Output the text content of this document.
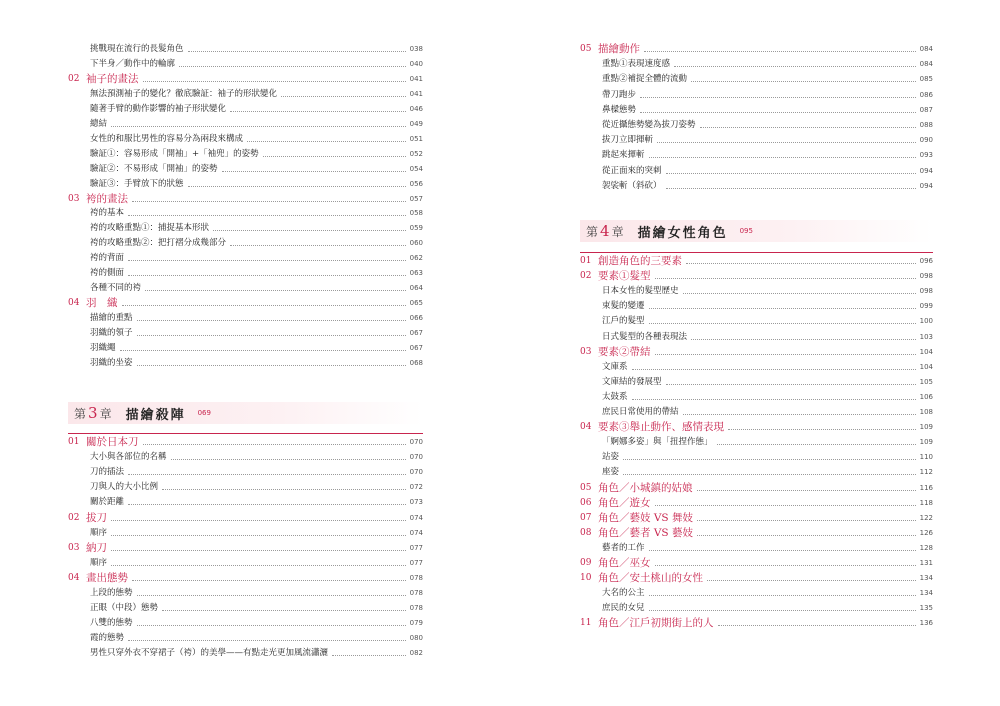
挑戰現在流行的長髮角色	038
下半身／動作中的輪廓	040
02 袖子的畫法	041
無法預測袖子的變化？徹底驗証：袖子的形狀變化	041
隨著手臂的動作影響的袖子形狀變化	046
總結	049
女性的和服比男性的容易分為兩段來構成	051
驗証①：容易形成「開袖」+「袖兜」的姿勢	052
驗証②：不易形成「開袖」的姿勢	054
驗証③：手臂放下的狀態	056
03 袴的畫法	057
袴的基本	058
袴的攻略重點①：捕捉基本形狀	059
袴的攻略重點②：把打褶分成幾部分	060
袴的背面	062
袴的側面	063
各種不同的袴	064
04 羽　織	065
描繪的重點	066
羽織的領子	067
羽織繩	067
羽織的坐姿	068
第 3 章 描繪殺陣 069
01 關於日本刀	070
大小與各部位的名稱	070
刀的插法	070
刀與人的大小比例	072
關於距離	073
02 拔刀	074
順序	074
03 納刀	077
順序	077
04 畫出態勢	078
上段的態勢	078
正眼（中段）態勢	078
八雙的態勢	079
霞的態勢	080
男性只穿外衣不穿裙子（袴）的美學——有點走光更加風流瀟灑	082
05 描繪動作	084
重點①表現速度感	084
重點②補捉全體的流動	085
帶刀跑步	086
鼻樑態勢	087
從近攝態勢變為拔刀姿勢	088
拔刀立即揮斬	090
跳起來揮斬	093
從正面來的突刺	094
袈裟斬（斜砍）	094
第 4 章 描繪女性角色 095
01 創造角色的三要素	096
02 要素①髮型	098
日本女性的髮型歷史	098
束髮的變遷	099
江戶的髮型	100
日式髮型的各種表現法	103
03 要素②帶結	104
文庫系	104
文庫結的發展型	105
太鼓系	106
庶民日常使用的帶結	108
04 要素③舉止動作、感情表現	109
「婀娜多姿」與「扭捏作態」	109
站姿	110
座姿	112
05 角色／小城鎮的姑娘	116
06 角色／遊女	118
07 角色／藝妓 VS 舞妓	122
08 角色／藝者 VS 藝妓	126
藝者的工作	128
09 角色／巫女	131
10 角色／安土桃山的女性	134
大名的公主	134
庶民的女兒	135
11 角色／江戶初期街上的人	136
